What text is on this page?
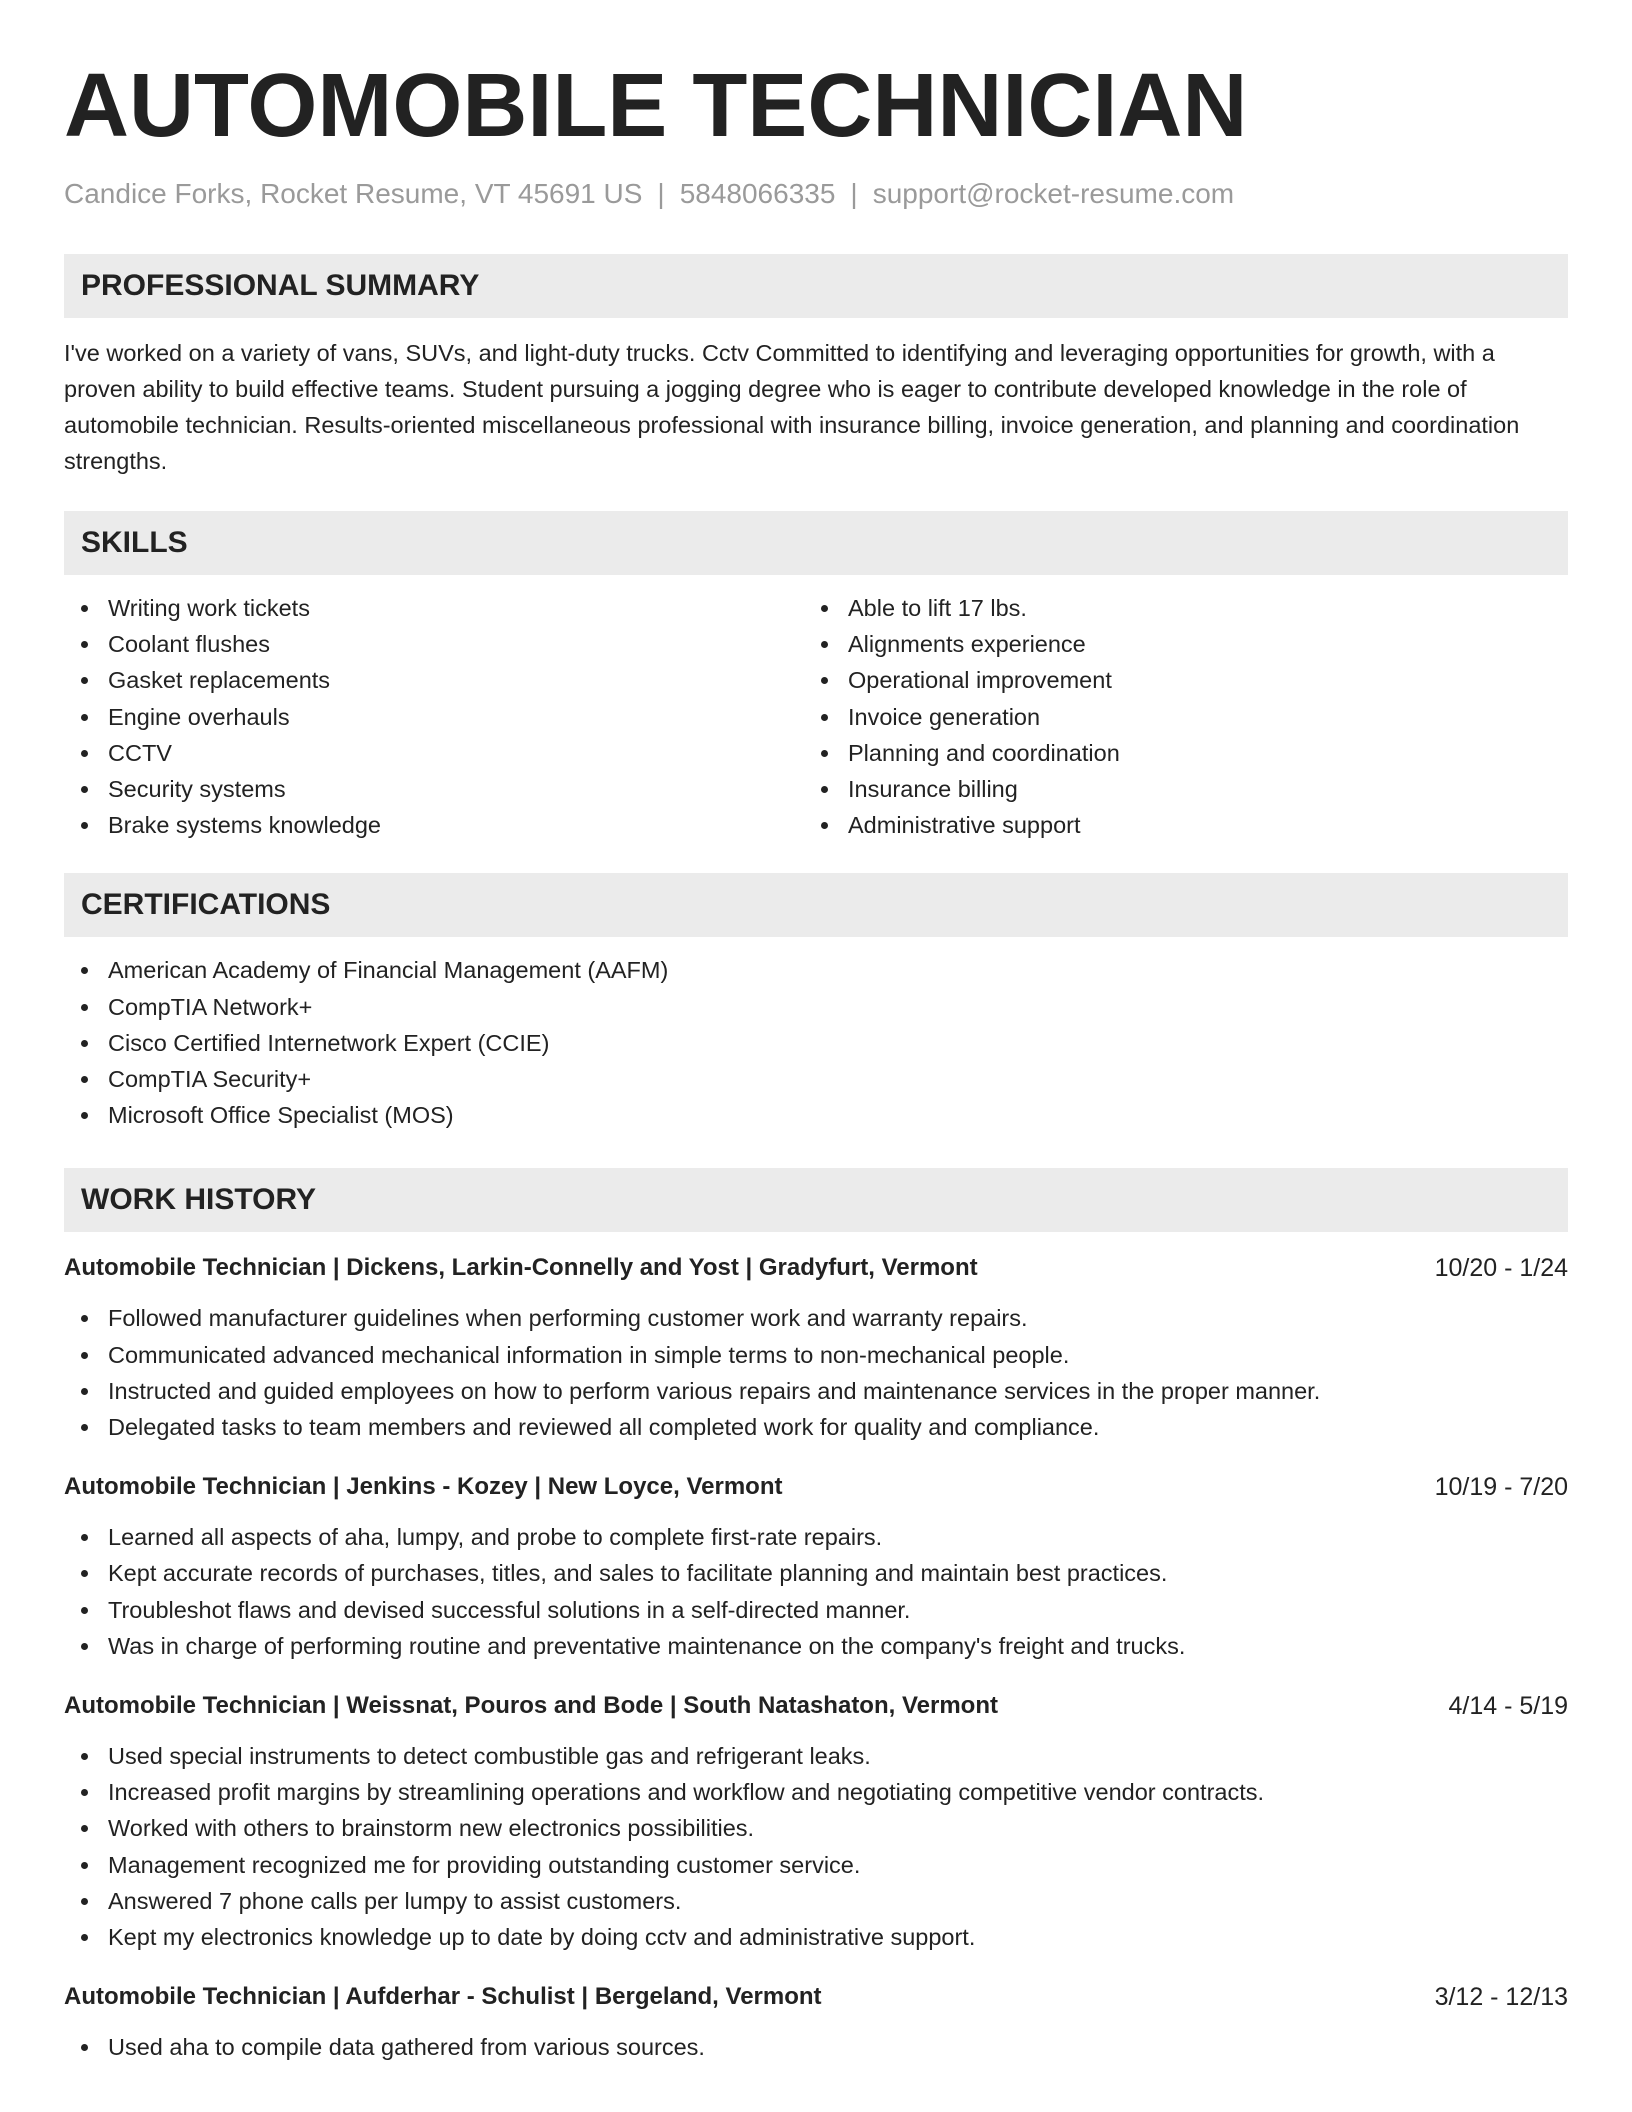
AUTOMOBILE TECHNICIAN
Candice Forks, Rocket Resume, VT 45691 US | 5848066335 | support@rocket-resume.com
PROFESSIONAL SUMMARY

I've worked on a variety of vans, SUVs, and light-duty trucks. Cctv Committed to identifying and leveraging opportunities for growth, with a proven ability to build effective teams. Student pursuing a jogging degree who is eager to contribute developed knowledge in the role of automobile technician. Results-oriented miscellaneous professional with insurance billing, invoice generation, and planning and coordination strengths.

SKILLS
Writing work tickets
Coolant flushes
Gasket replacements
Engine overhauls
CCTV
Security systems
Brake systems knowledge
Able to lift 17 lbs.
Alignments experience
Operational improvement
Invoice generation
Planning and coordination
Insurance billing
Administrative support
CERTIFICATIONS
American Academy of Financial Management (AAFM)
CompTIA Network+
Cisco Certified Internetwork Expert (CCIE)
CompTIA Security+
Microsoft Office Specialist (MOS)
WORK HISTORY
Automobile Technician | Dickens, Larkin-Connelly and Yost | Gradyfurt, Vermont	10/20 - 1/24
Followed manufacturer guidelines when performing customer work and warranty repairs.
Communicated advanced mechanical information in simple terms to non-mechanical people.
Instructed and guided employees on how to perform various repairs and maintenance services in the proper manner.
Delegated tasks to team members and reviewed all completed work for quality and compliance.
Automobile Technician | Jenkins - Kozey | New Loyce, Vermont	10/19 - 7/20
Learned all aspects of aha, lumpy, and probe to complete first-rate repairs.
Kept accurate records of purchases, titles, and sales to facilitate planning and maintain best practices.
Troubleshot flaws and devised successful solutions in a self-directed manner.
Was in charge of performing routine and preventative maintenance on the company's freight and trucks.
Automobile Technician | Weissnat, Pouros and Bode | South Natashaton, Vermont	4/14 - 5/19
Used special instruments to detect combustible gas and refrigerant leaks.
Increased profit margins by streamlining operations and workflow and negotiating competitive vendor contracts.
Worked with others to brainstorm new electronics possibilities.
Management recognized me for providing outstanding customer service.
Answered 7 phone calls per lumpy to assist customers.
Kept my electronics knowledge up to date by doing cctv and administrative support.
Automobile Technician | Aufderhar - Schulist | Bergeland, Vermont	3/12 - 12/13
Used aha to compile data gathered from various sources.
